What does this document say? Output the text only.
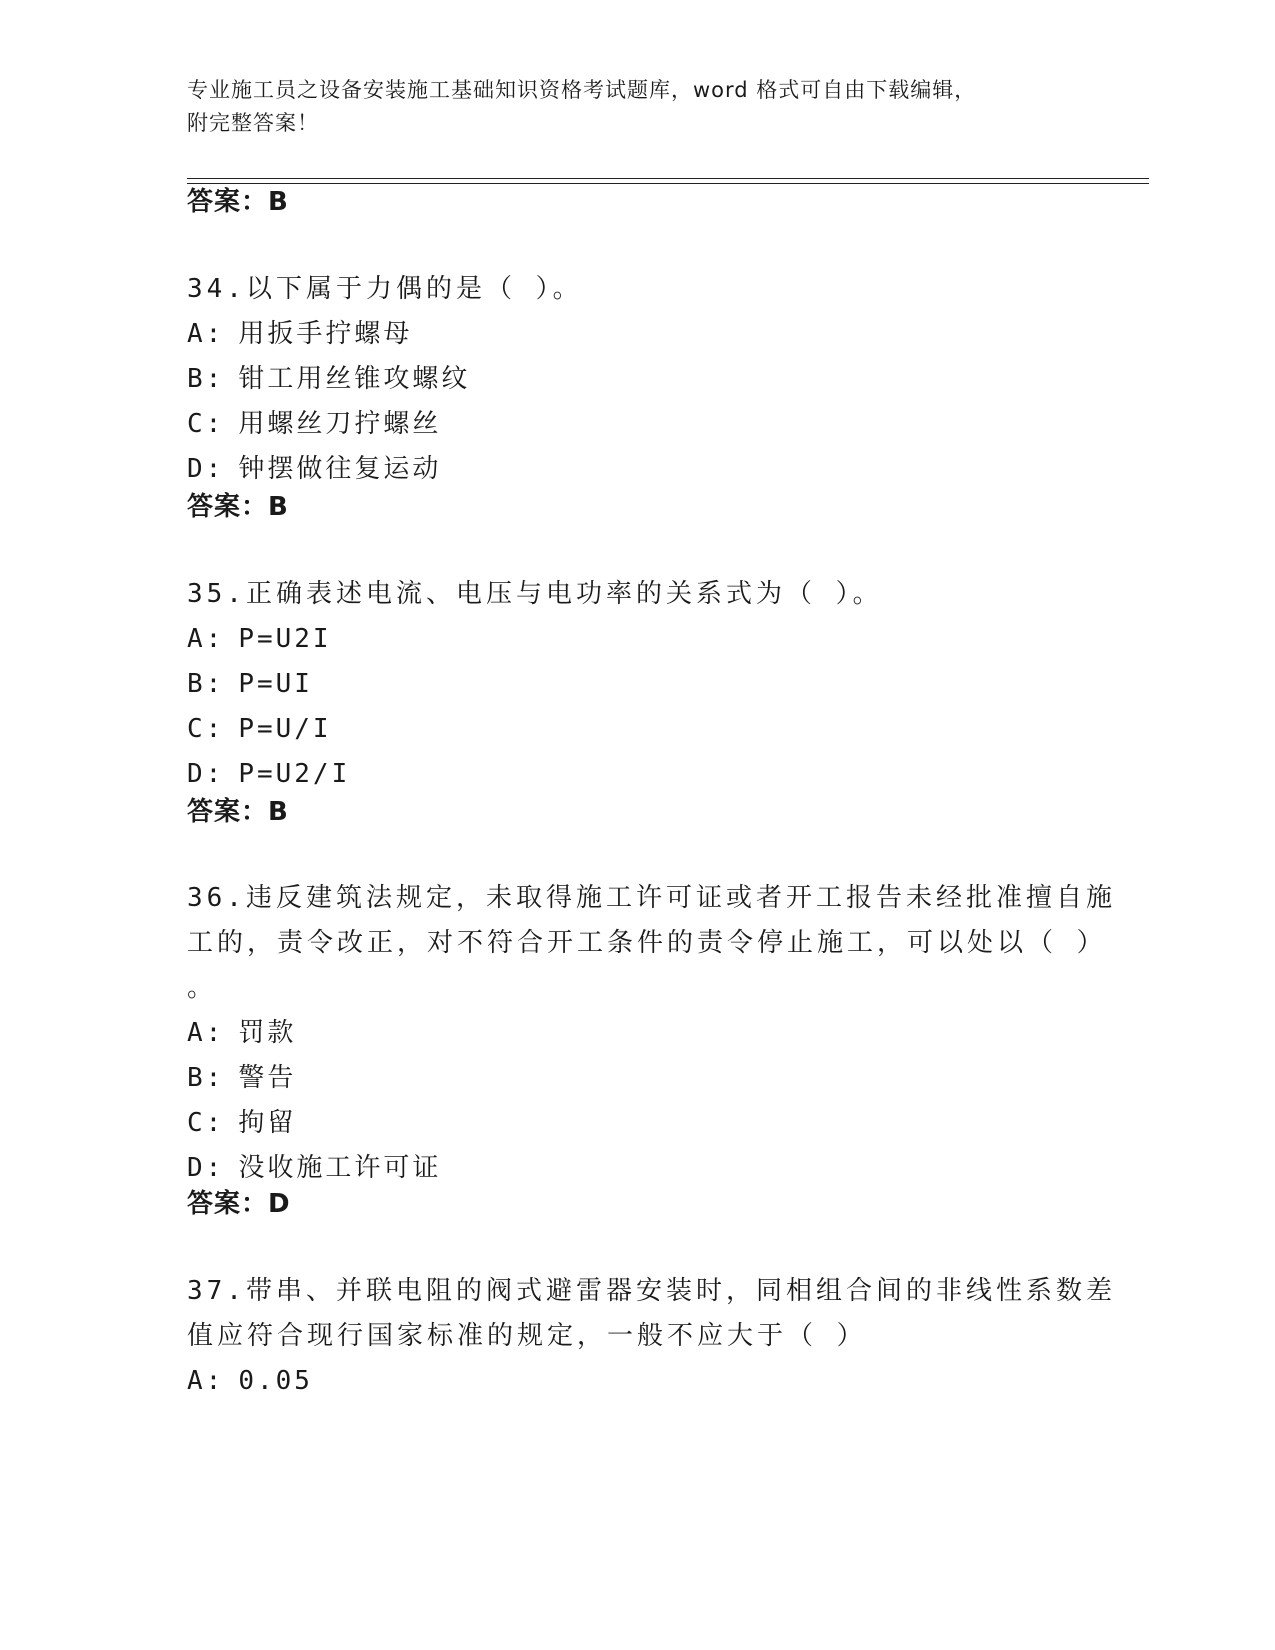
专业施工员之设备安装施工基础知识资格考试题库，word 格式可自由下载编辑，
附完整答案！
答案：B
34.以下属于力偶的是（ ）。
A: 用扳手拧螺母
B: 钳工用丝锥攻螺纹
C: 用螺丝刀拧螺丝
D: 钟摆做往复运动
答案：B
35.正确表述电流、电压与电功率的关系式为（ ）。
A: P=U2I
B: P=UI
C: P=U/I
D: P=U2/I
答案：B
36.违反建筑法规定，未取得施工许可证或者开工报告未经批准擅自施
工的，责令改正，对不符合开工条件的责令停止施工，可以处以（ ）
。
A: 罚款
B: 警告
C: 拘留
D: 没收施工许可证
答案：D
37.带串、并联电阻的阀式避雷器安装时，同相组合间的非线性系数差
值应符合现行国家标准的规定，一般不应大于（ ）
A: 0.05
